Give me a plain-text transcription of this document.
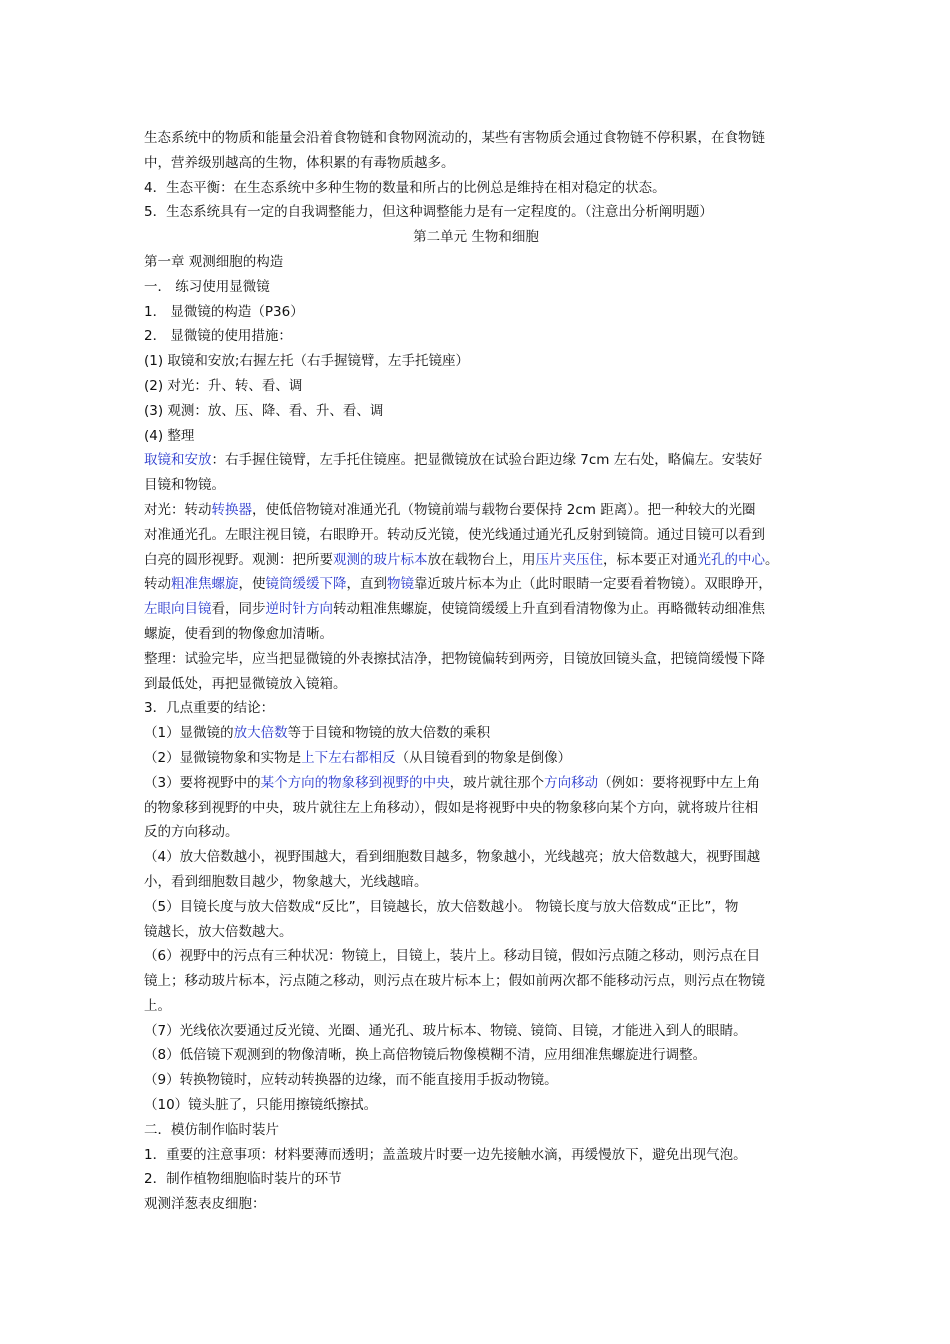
生态系统中的物质和能量会沿着食物链和食物网流动的，某些有害物质会通过食物链不停积累，在食物链
中，营养级别越高的生物，体积累的有毒物质越多。
4．生态平衡：在生态系统中多种生物的数量和所占的比例总是维持在相对稳定的状态。
5．生态系统具有一定的自我调整能力，但这种调整能力是有一定程度的。（注意出分析阐明题）
第二单元 生物和细胞
第一章 观测细胞的构造
一． 练习使用显微镜
1． 显微镜的构造（P36）
2． 显微镜的使用措施：
(1) 取镜和安放;右握左托（右手握镜臂，左手托镜座）
(2) 对光：升、转、看、调
(3) 观测：放、压、降、看、升、看、调
(4) 整理
取镜和安放：右手握住镜臂，左手托住镜座。把显微镜放在试验台距边缘 7cm 左右处，略偏左。安装好
目镜和物镜。
对光：转动转换器，使低倍物镜对准通光孔（物镜前端与载物台要保持 2cm 距离）。把一种较大的光圈
对准通光孔。左眼注视目镜，右眼睁开。转动反光镜，使光线通过通光孔反射到镜筒。通过目镜可以看到
白亮的圆形视野。观测：把所要观测的玻片标本放在载物台上，用压片夹压住，标本要正对通光孔的中心。
转动粗准焦螺旋，使镜筒缓缓下降，直到物镜靠近玻片标本为止（此时眼睛一定要看着物镜）。双眼睁开，
左眼向目镜看，同步逆时针方向转动粗准焦螺旋，使镜筒缓缓上升直到看清物像为止。再略微转动细准焦
螺旋，使看到的物像愈加清晰。
整理：试验完毕，应当把显微镜的外表擦拭洁净，把物镜偏转到两旁，目镜放回镜头盒，把镜筒缓慢下降
到最低处，再把显微镜放入镜箱。
3．几点重要的结论：
（1）显微镜的放大倍数等于目镜和物镜的放大倍数的乘积
（2）显微镜物象和实物是上下左右都相反（从目镜看到的物象是倒像）
（3）要将视野中的某个方向的物象移到视野的中央，玻片就往那个方向移动（例如：要将视野中左上角
的物象移到视野的中央，玻片就往左上角移动），假如是将视野中央的物象移向某个方向，就将玻片往相
反的方向移动。
（4）放大倍数越小，视野围越大，看到细胞数目越多，物象越小，光线越亮；放大倍数越大，视野围越
小，看到细胞数目越少，物象越大，光线越暗。
（5）目镜长度与放大倍数成“反比”，目镜越长，放大倍数越小。 物镜长度与放大倍数成“正比”，物
镜越长，放大倍数越大。
（6）视野中的污点有三种状况：物镜上，目镜上，装片上。移动目镜，假如污点随之移动，则污点在目
镜上；移动玻片标本，污点随之移动，则污点在玻片标本上；假如前两次都不能移动污点，则污点在物镜
上。
（7）光线依次要通过反光镜、光圈、通光孔、玻片标本、物镜、镜筒、目镜，才能进入到人的眼睛。
（8）低倍镜下观测到的物像清晰，换上高倍物镜后物像模糊不清，应用细准焦螺旋进行调整。
（9）转换物镜时，应转动转换器的边缘，而不能直接用手扳动物镜。
（10）镜头脏了，只能用擦镜纸擦拭。
二．模仿制作临时装片
1．重要的注意事项：材料要薄而透明；盖盖玻片时要一边先接触水滴，再缓慢放下，避免出现气泡。
2．制作植物细胞临时装片的环节
观测洋葱表皮细胞：
